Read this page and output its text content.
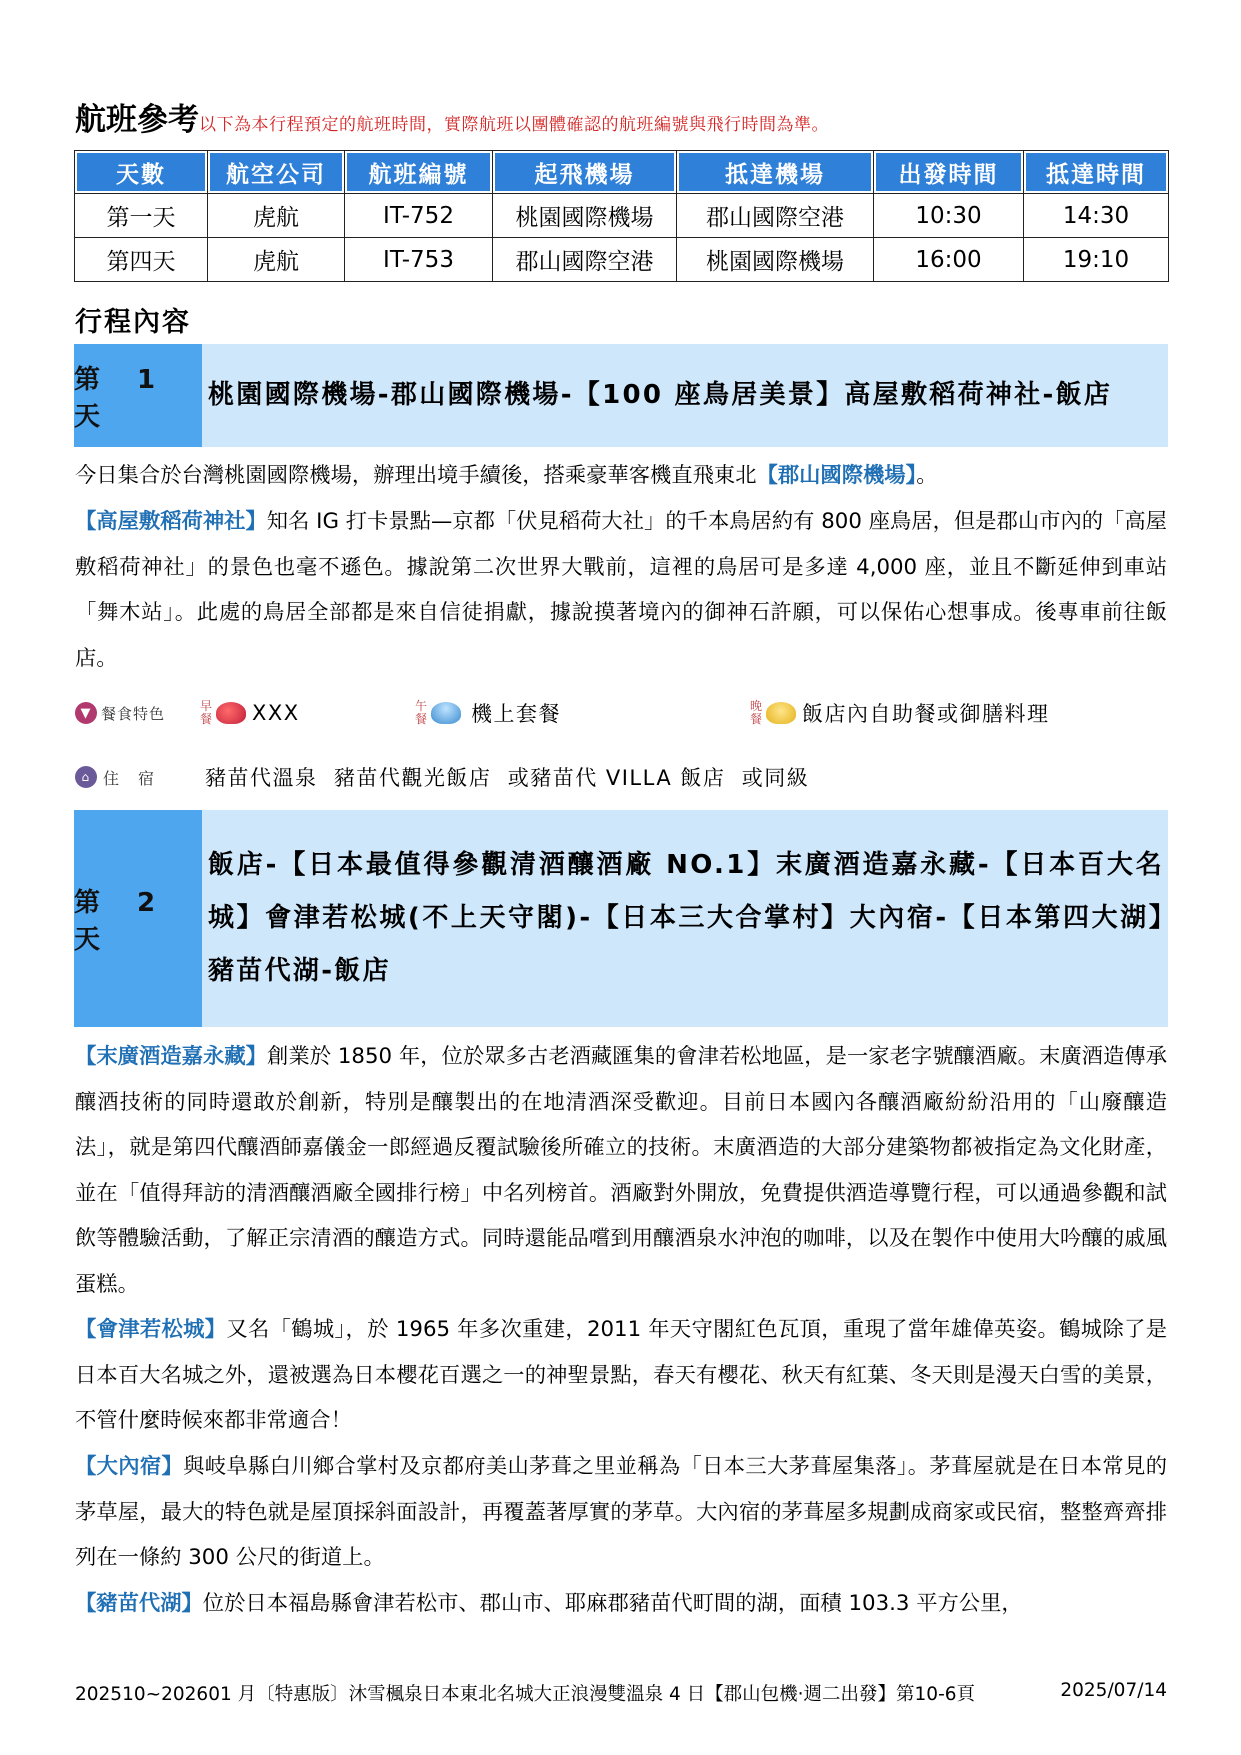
航班參考以下為本行程預定的航班時間，實際航班以團體確認的航班編號與飛行時間為準。
天數	航空公司	航班編號	起飛機場	抵達機場	出發時間	抵達時間
第一天	虎航	IT-752	桃園國際機場	郡山國際空港	10:30	14:30
第四天	虎航	IT-753	郡山國際空港	桃園國際機場	16:00	19:10
行程內容
第 1 天
桃園國際機場-郡山國際機場-【100 座鳥居美景】高屋敷稻荷神社-飯店
今日集合於台灣桃園國際機場，辦理出境手續後，搭乘豪華客機直飛東北【郡山國際機場】。
【高屋敷稻荷神社】知名 IG 打卡景點—京都「伏見稻荷大社」的千本鳥居約有 800 座鳥居，但是郡山市內的「高屋敷稻荷神社」的景色也毫不遜色。據說第二次世界大戰前，這裡的鳥居可是多達 4,000 座，並且不斷延伸到車站「舞木站」。此處的鳥居全部都是來自信徒捐獻，據說摸著境內的御神石許願，可以保佑心想事成。後專車前往飯店。
▼ 餐食特色	早餐 XXX	午餐 機上套餐	晚餐 飯店內自助餐或御膳料理
⌂ 住　宿 豬苗代溫泉  豬苗代觀光飯店  或豬苗代 VILLA 飯店  或同級
第 2 天
飯店-【日本最值得參觀清酒釀酒廠 NO.1】末廣酒造嘉永藏-【日本百大名城】會津若松城(不上天守閣)-【日本三大合掌村】大內宿-【日本第四大湖】豬苗代湖-飯店
【末廣酒造嘉永藏】創業於 1850 年，位於眾多古老酒藏匯集的會津若松地區，是一家老字號釀酒廠。末廣酒造傳承釀酒技術的同時還敢於創新，特別是釀製出的在地清酒深受歡迎。目前日本國內各釀酒廠紛紛沿用的「山廢釀造法」，就是第四代釀酒師嘉儀金一郎經過反覆試驗後所確立的技術。末廣酒造的大部分建築物都被指定為文化財產，並在「值得拜訪的清酒釀酒廠全國排行榜」中名列榜首。酒廠對外開放，免費提供酒造導覽行程，可以通過參觀和試飲等體驗活動，了解正宗清酒的釀造方式。同時還能品嚐到用釀酒泉水沖泡的咖啡，以及在製作中使用大吟釀的戚風蛋糕。
【會津若松城】又名「鶴城」，於 1965 年多次重建，2011 年天守閣紅色瓦頂，重現了當年雄偉英姿。鶴城除了是日本百大名城之外，還被選為日本櫻花百選之一的神聖景點，春天有櫻花、秋天有紅葉、冬天則是漫天白雪的美景，不管什麼時候來都非常適合！
【大內宿】與岐阜縣白川鄉合掌村及京都府美山茅葺之里並稱為「日本三大茅葺屋集落」。茅葺屋就是在日本常見的茅草屋，最大的特色就是屋頂採斜面設計，再覆蓋著厚實的茅草。大內宿的茅葺屋多規劃成商家或民宿，整整齊齊排列在一條約 300 公尺的街道上。
【豬苗代湖】位於日本福島縣會津若松市、郡山市、耶麻郡豬苗代町間的湖，面積 103.3 平方公里，
202510~202601 月〔特惠版〕沐雪楓泉日本東北名城大正浪漫雙溫泉 4 日【郡山包機‧週二出發】第10-6頁	2025/07/14
